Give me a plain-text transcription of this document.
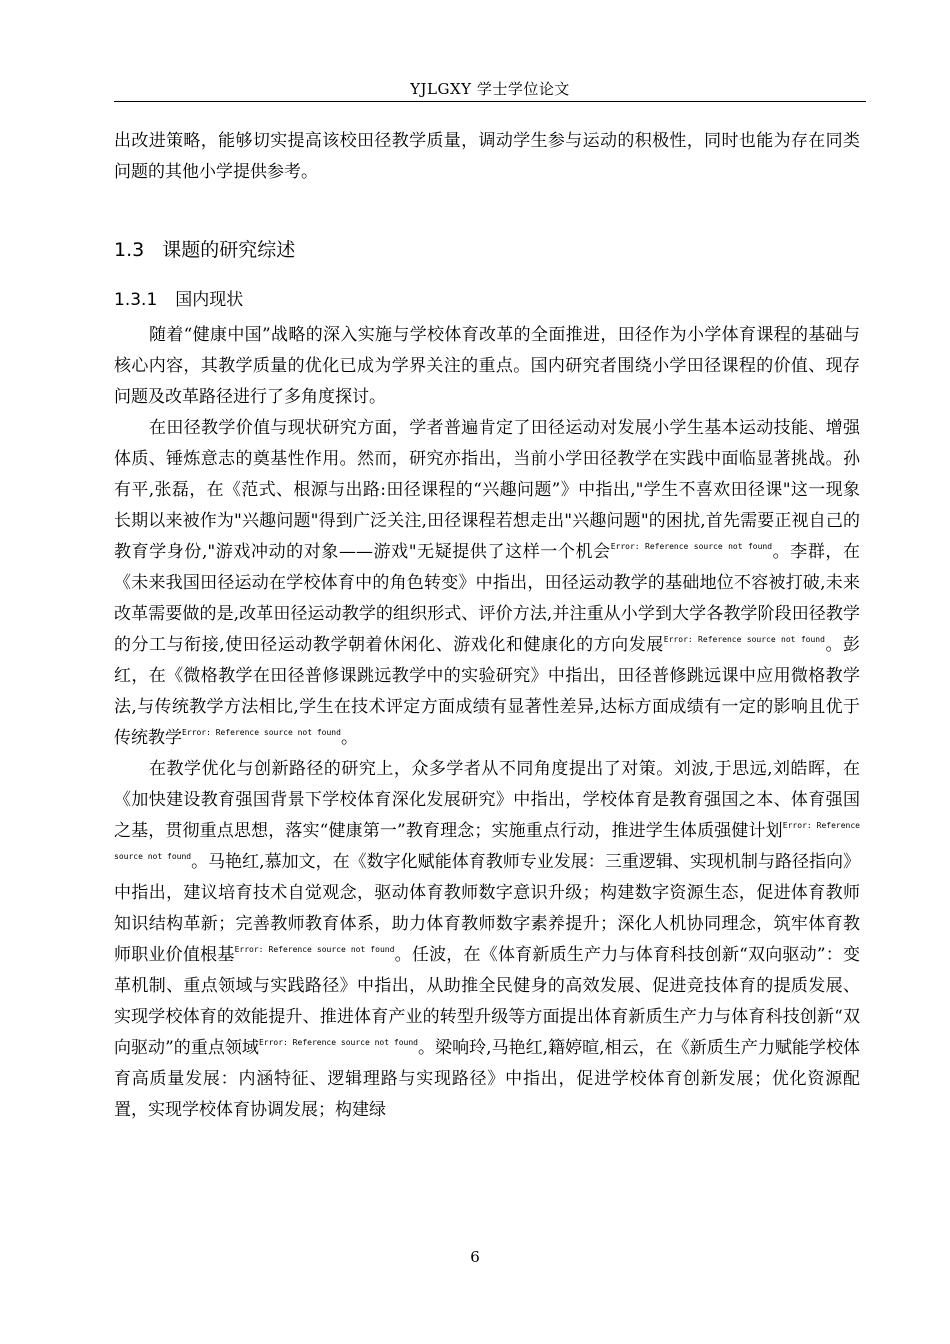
YJLGXY 学士学位论文

出改进策略，能够切实提高该校田径教学质量，调动学生参与运动的积极性，同时也能为存在同类问题的其他小学提供参考。

1.3 课题的研究综述
1.3.1 国内现状

随着“健康中国”战略的深入实施与学校体育改革的全面推进，田径作为小学体育课程的基础与核心内容，其教学质量的优化已成为学界关注的重点。国内研究者围绕小学田径课程的价值、现存问题及改革路径进行了多角度探讨。

在田径教学价值与现状研究方面，学者普遍肯定了田径运动对发展小学生基本运动技能、增强体质、锤炼意志的奠基性作用。然而，研究亦指出，当前小学田径教学在实践中面临显著挑战。孙有平,张磊，在《范式、根源与出路:田径课程的“兴趣问题”》中指出,"学生不喜欢田径课"这一现象长期以来被作为"兴趣问题"得到广泛关注,田径课程若想走出"兴趣问题"的困扰,首先需要正视自己的教育学身份,"游戏冲动的对象——游戏"无疑提供了这样一个机会$^{Error: Reference source not found}$。李群，在《未来我国田径运动在学校体育中的角色转变》中指出，田径运动教学的基础地位不容被打破,未来改革需要做的是,改革田径运动教学的组织形式、评价方法,并注重从小学到大学各教学阶段田径教学的分工与衔接,使田径运动教学朝着休闲化、游戏化和健康化的方向发展$^{Error: Reference source not found}$。彭红，在《微格教学在田径普修课跳远教学中的实验研究》中指出，田径普修跳远课中应用微格教学法,与传统教学方法相比,学生在技术评定方面成绩有显著性差异,达标方面成绩有一定的影响且优于传统教学$^{Error: Reference source not found}$。

在教学优化与创新路径的研究上，众多学者从不同角度提出了对策。刘波,于思远,刘皓晖，在《加快建设教育强国背景下学校体育深化发展研究》中指出，学校体育是教育强国之本、体育强国之基，贯彻重点思想，落实“健康第一”教育理念；实施重点行动，推进学生体质强健计划$^{Error: Reference source not found}$。马艳红,慕加文，在《数字化赋能体育教师专业发展：三重逻辑、实现机制与路径指向》中指出，建议培育技术自觉观念，驱动体育教师数字意识升级；构建数字资源生态，促进体育教师知识结构革新；完善教师教育体系，助力体育教师数字素养提升；深化人机协同理念，筑牢体育教师职业价值根基$^{Error: Reference source not found}$。任波，在《体育新质生产力与体育科技创新“双向驱动”：变革机制、重点领域与实践路径》中指出，从助推全民健身的高效发展、促进竞技体育的提质发展、实现学校体育的效能提升、推进体育产业的转型升级等方面提出体育新质生产力与体育科技创新“双向驱动”的重点领域$^{Error: Reference source not found}$。梁响玲,马艳红,籍婷暄,相云，在《新质生产力赋能学校体育高质量发展：内涵特征、逻辑理路与实现路径》中指出，促进学校体育创新发展；优化资源配置，实现学校体育协调发展；构建绿

6
